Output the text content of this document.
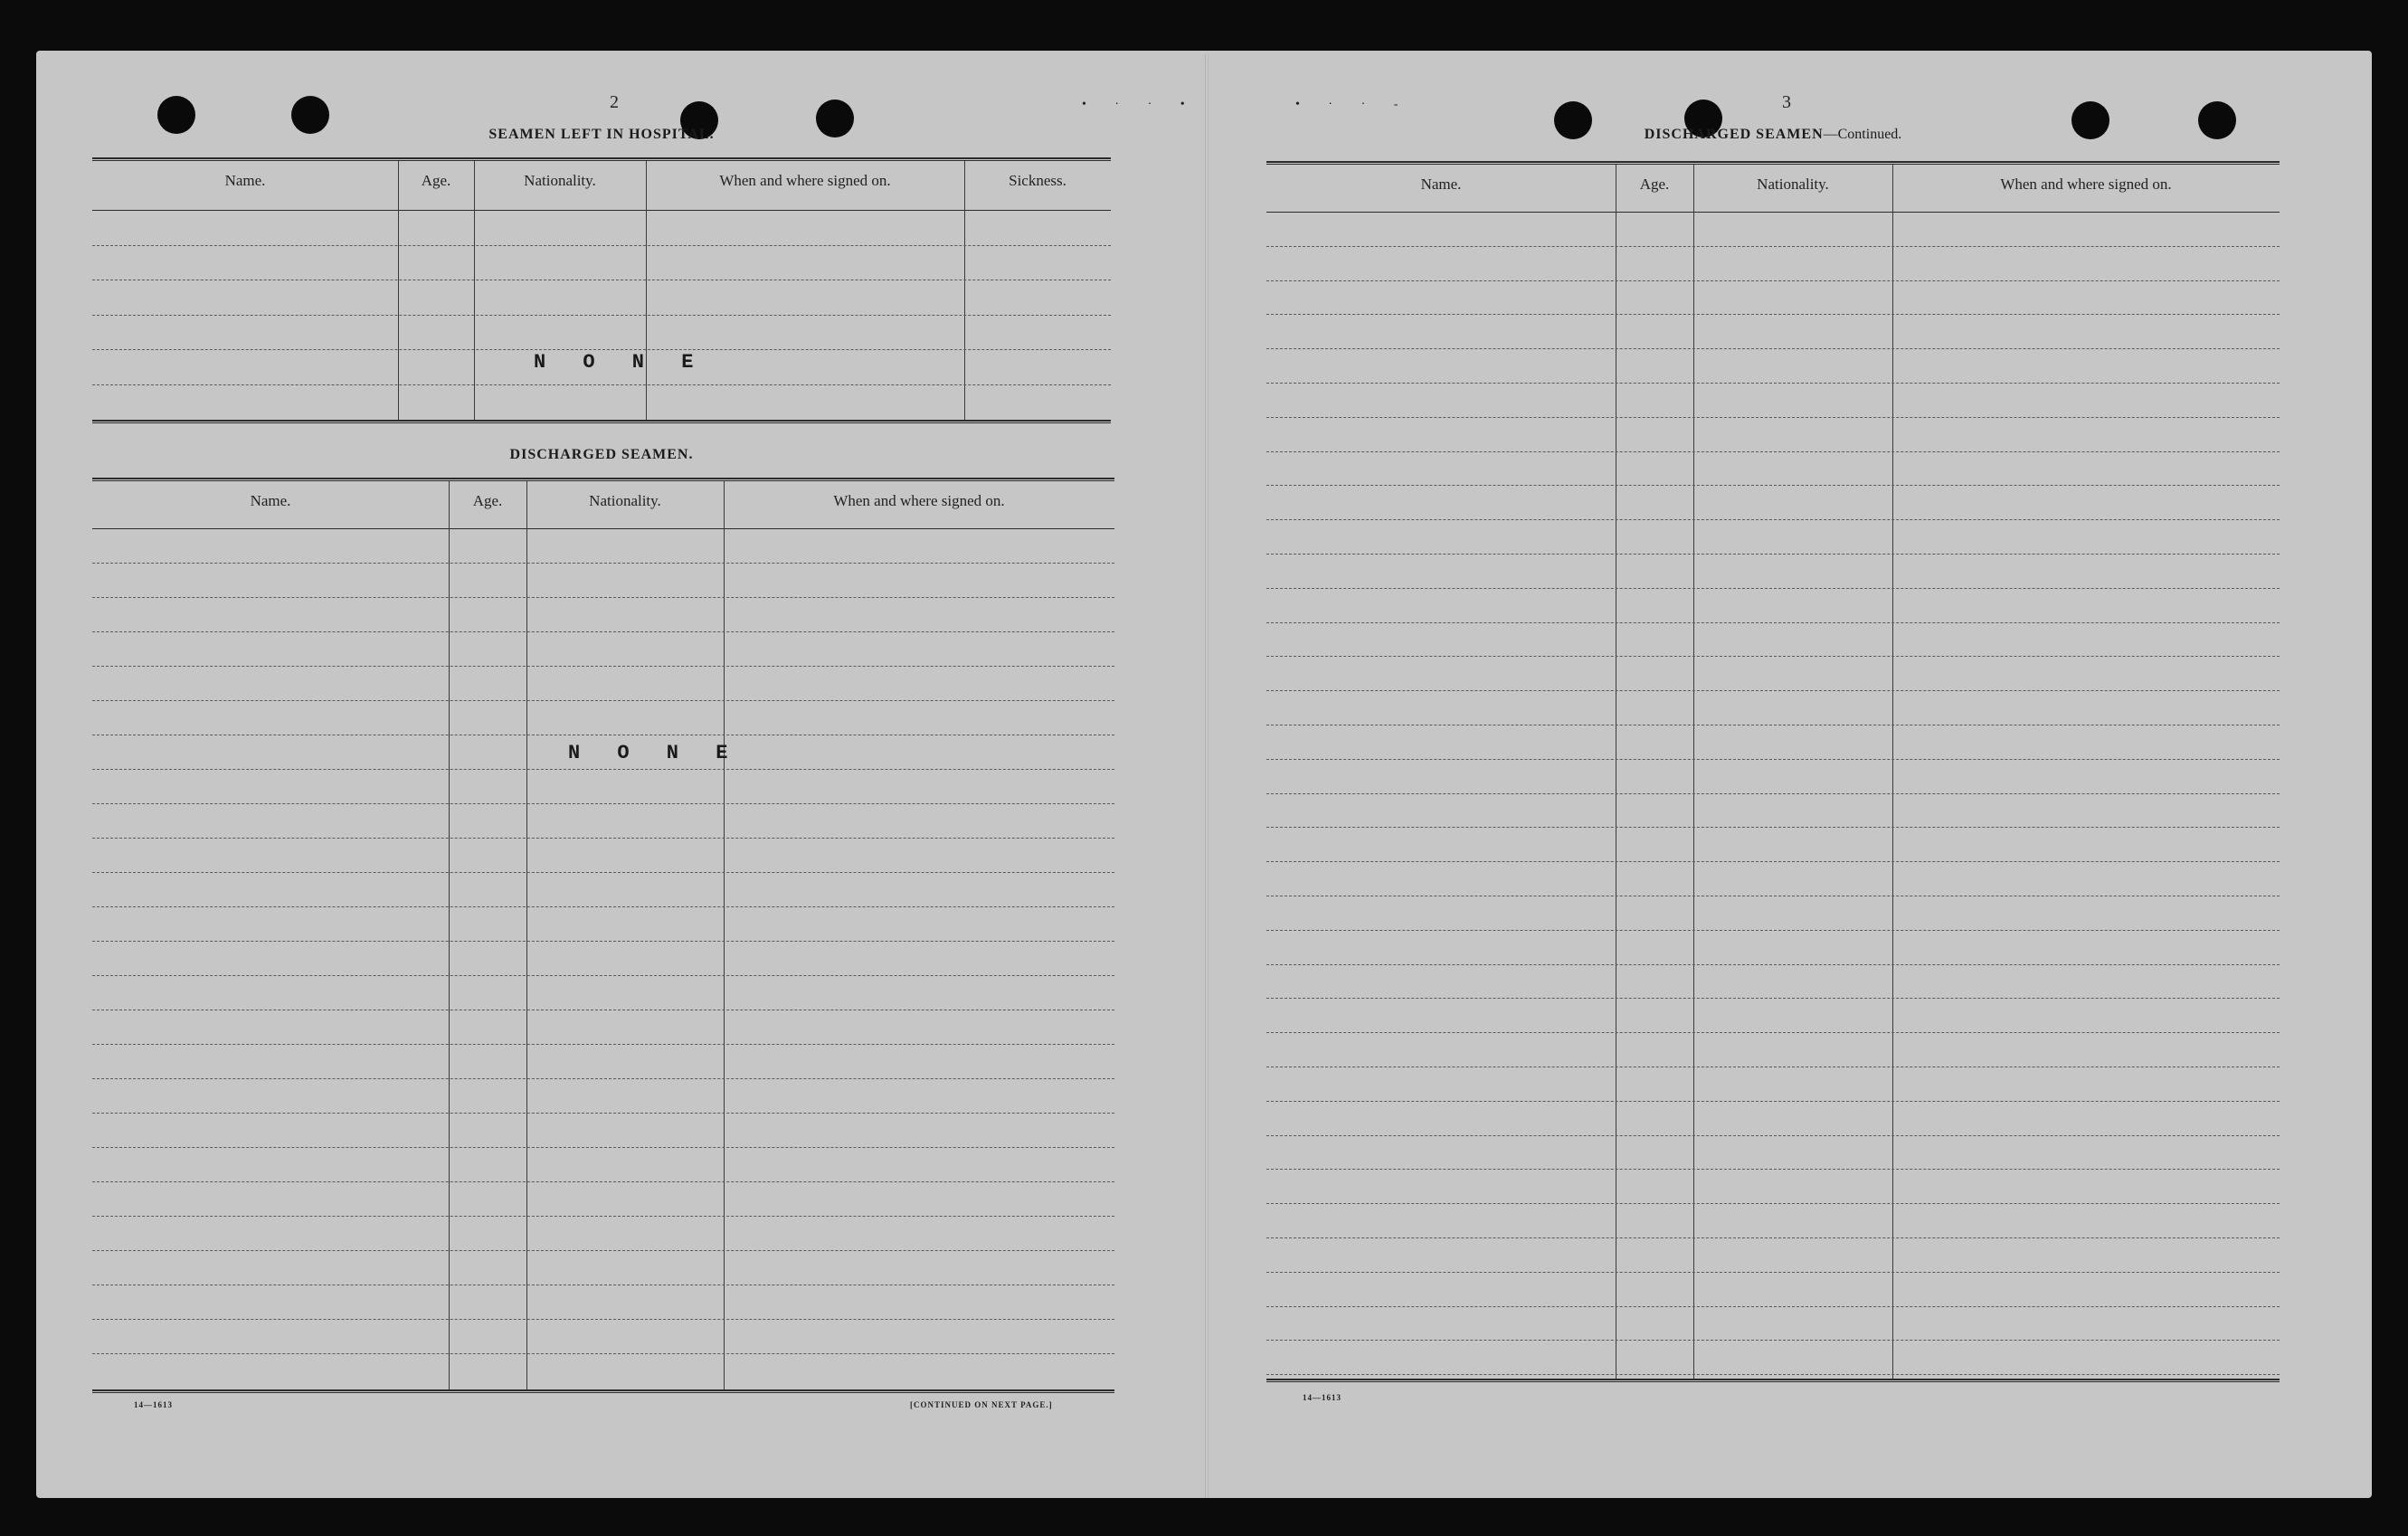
2
SEAMEN LEFT IN HOSPITAL.
Name.	Age.	Nationality.	When and where signed on.	Sickness.
N O N E
DISCHARGED SEAMEN.
Name.	Age.	Nationality.	When and where signed on.
N O N E
14—1613	[CONTINUED ON NEXT PAGE.]
3
DISCHARGED SEAMEN—Continued.
Name.	Age.	Nationality.	When and where signed on.
14—1613
• · · •	• · · -
